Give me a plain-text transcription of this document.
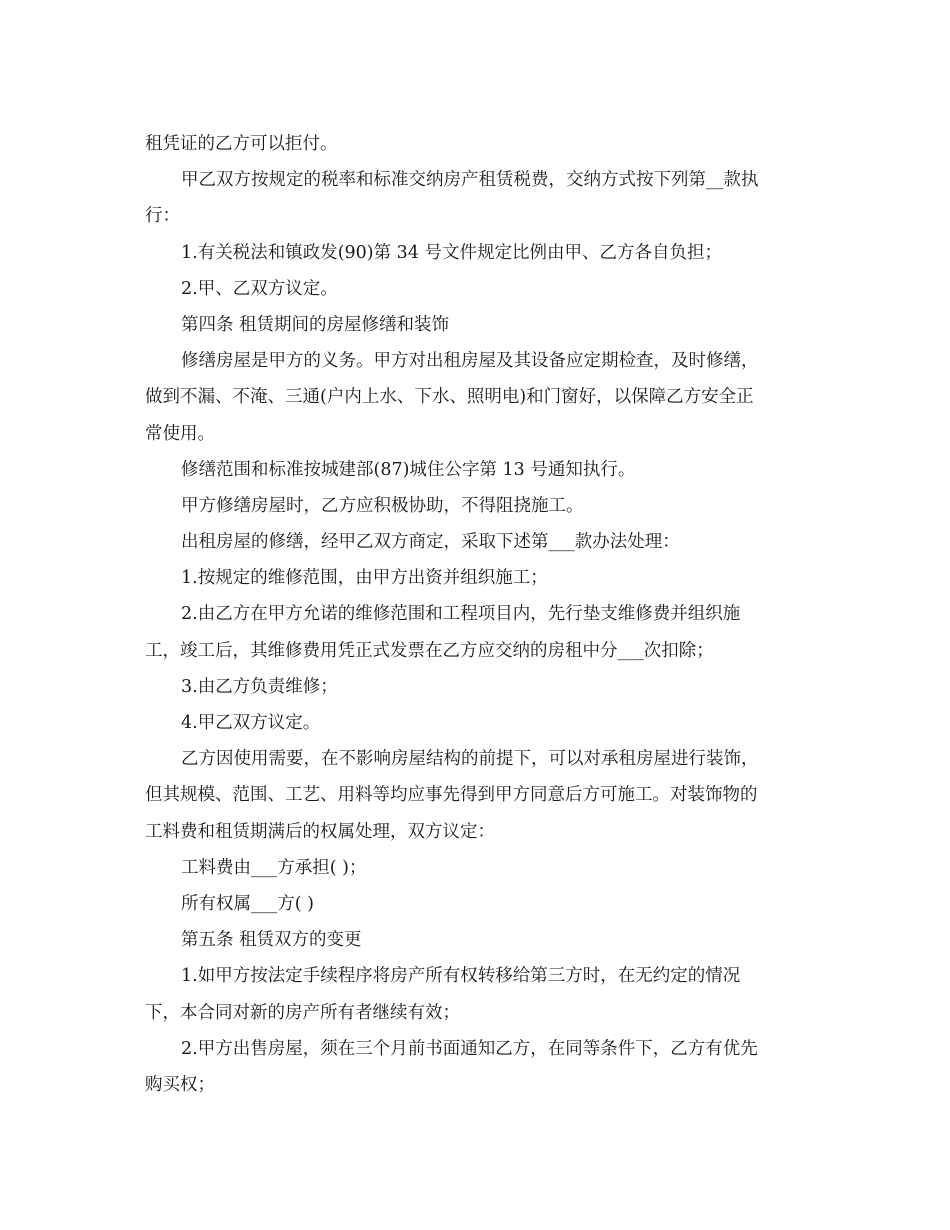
租凭证的乙方可以拒付。
甲乙双方按规定的税率和标准交纳房产租赁税费，交纳方式按下列第__款执
行：
1.有关税法和镇政发(90)第 34 号文件规定比例由甲、乙方各自负担；
2.甲、乙双方议定。
第四条 租赁期间的房屋修缮和装饰
修缮房屋是甲方的义务。甲方对出租房屋及其设备应定期检查，及时修缮，
做到不漏、不淹、三通(户内上水、下水、照明电)和门窗好，以保障乙方安全正
常使用。
修缮范围和标准按城建部(87)城住公字第 13 号通知执行。
甲方修缮房屋时，乙方应积极协助，不得阻挠施工。
出租房屋的修缮，经甲乙双方商定，采取下述第___款办法处理：
1.按规定的维修范围，由甲方出资并组织施工；
2.由乙方在甲方允诺的维修范围和工程项目内，先行垫支维修费并组织施
工，竣工后，其维修费用凭正式发票在乙方应交纳的房租中分___次扣除；
3.由乙方负责维修；
4.甲乙双方议定。
乙方因使用需要，在不影响房屋结构的前提下，可以对承租房屋进行装饰，
但其规模、范围、工艺、用料等均应事先得到甲方同意后方可施工。对装饰物的
工料费和租赁期满后的权属处理，双方议定：
工料费由___方承担( )；
所有权属___方( )
第五条 租赁双方的变更
1.如甲方按法定手续程序将房产所有权转移给第三方时，在无约定的情况
下，本合同对新的房产所有者继续有效；
2.甲方出售房屋，须在三个月前书面通知乙方，在同等条件下，乙方有优先
购买权；
